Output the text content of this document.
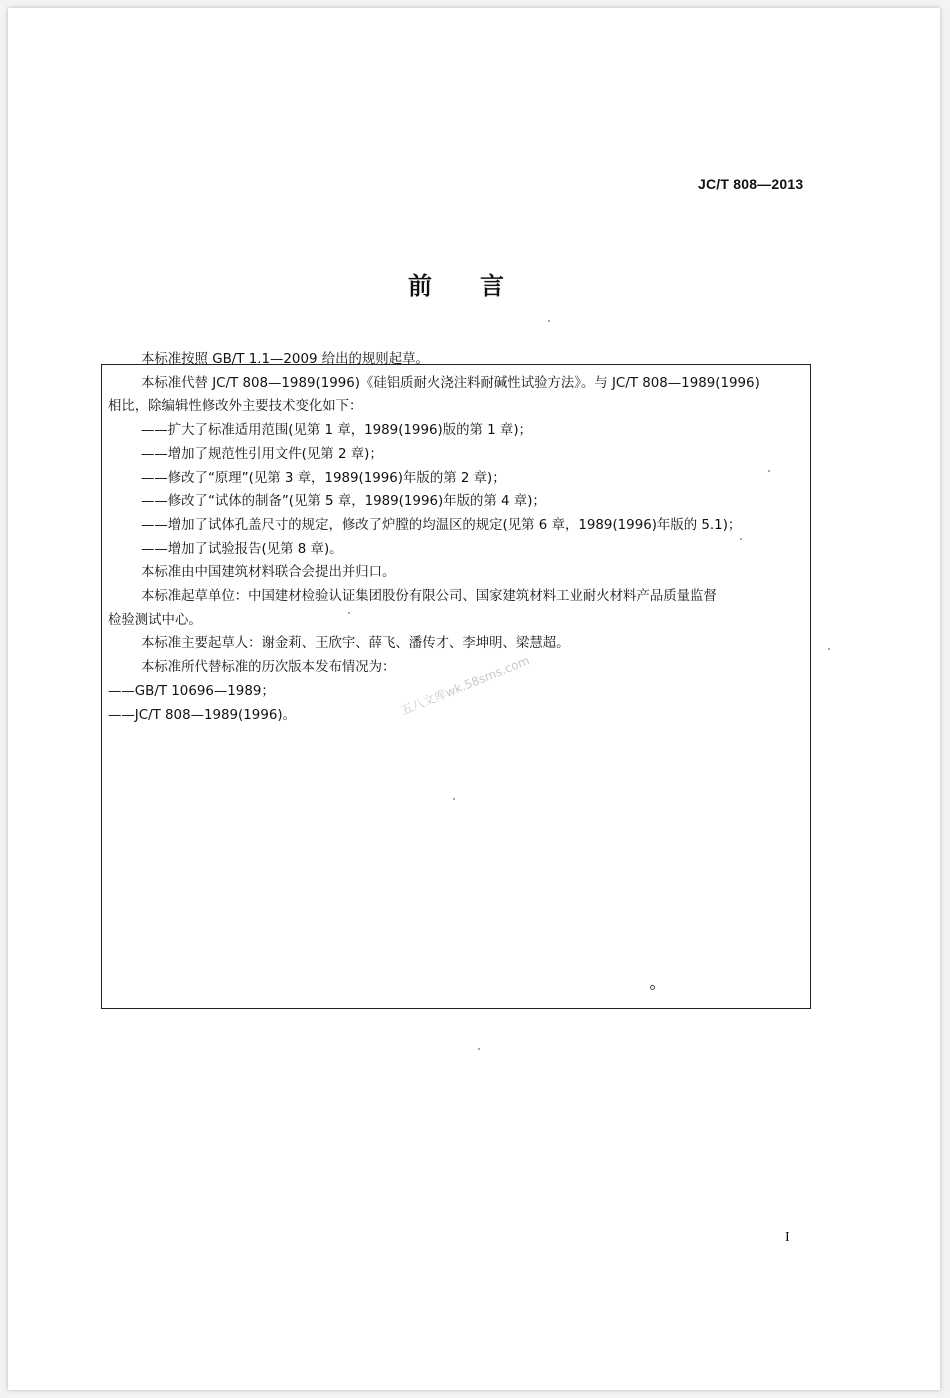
JC/T 808—2013
前言

本标准按照 GB/T 1.1—2009 给出的规则起草。

本标准代替 JC/T 808—1989(1996)《硅铝质耐火浇注料耐碱性试验方法》。与 JC/T 808—1989(1996)

相比，除编辑性修改外主要技术变化如下：

——扩大了标准适用范围(见第 1 章，1989(1996)版的第 1 章)；

——增加了规范性引用文件(见第 2 章)；

——修改了“原理”(见第 3 章，1989(1996)年版的第 2 章)；

——修改了“试体的制备”(见第 5 章，1989(1996)年版的第 4 章)；

——增加了试体孔盖尺寸的规定，修改了炉膛的均温区的规定(见第 6 章，1989(1996)年版的 5.1)；

——增加了试验报告(见第 8 章)。

本标准由中国建筑材料联合会提出并归口。

本标准起草单位：中国建材检验认证集团股份有限公司、国家建筑材料工业耐火材料产品质量监督

检验测试中心。

本标准主要起草人：谢金莉、王欣宇、薛飞、潘传才、李坤明、梁慧超。

本标准所代替标准的历次版本发布情况为：

——GB/T 10696—1989；

——JC/T 808—1989(1996)。	五八文库wk.58sms.com
I
